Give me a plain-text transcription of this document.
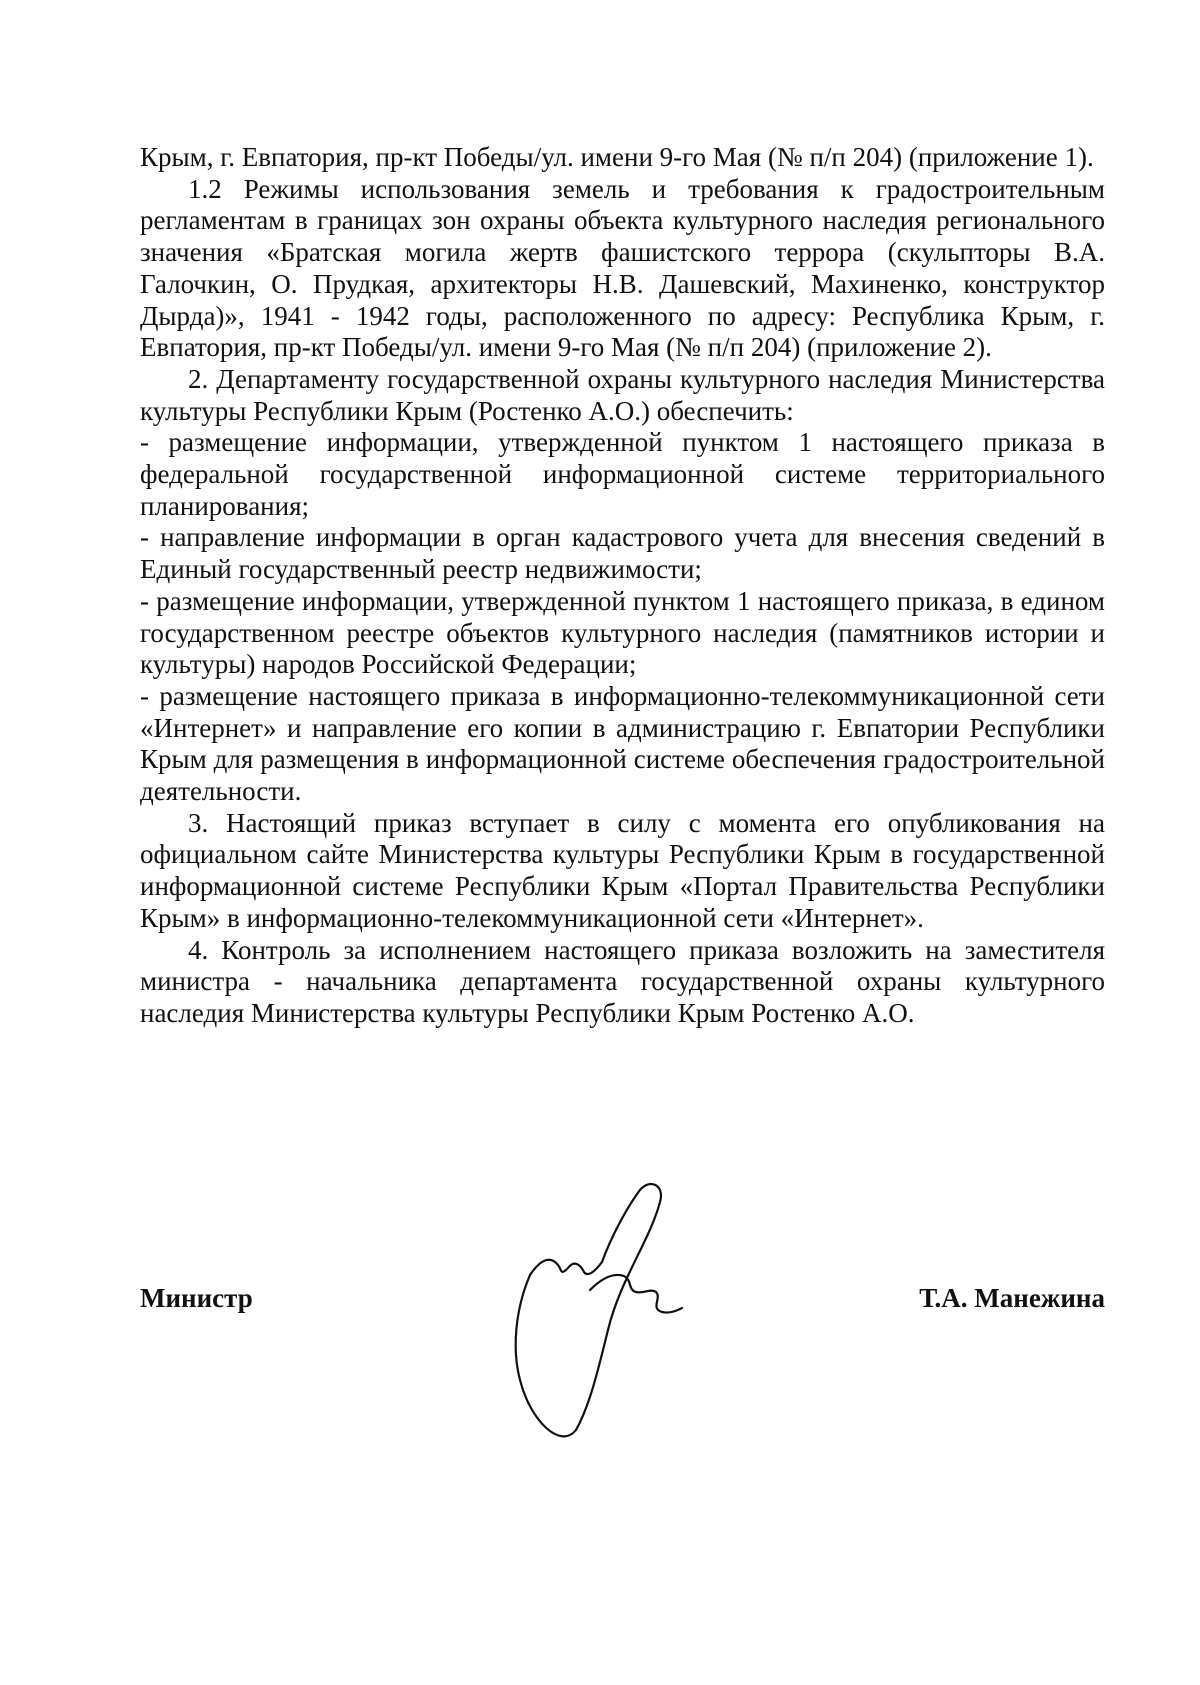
Крым, г. Евпатория, пр-кт Победы/ул. имени 9-го Мая (№ п/п 204) (приложение 1).

1.2 Режимы использования земель и требования к градостроительным регламентам в границах зон охраны объекта культурного наследия регионального значения «Братская могила жертв фашистского террора (скульпторы В.А. Галочкин, О. Прудкая, архитекторы Н.В. Дашевский, Махиненко, конструктор Дырда)», 1941 - 1942 годы, расположенного по адресу: Республика Крым, г. Евпатория, пр-кт Победы/ул. имени 9-го Мая (№ п/п 204) (приложение 2).

2. Департаменту государственной охраны культурного наследия Министерства культуры Республики Крым (Ростенко А.О.) обеспечить:

- размещение информации, утвержденной пунктом 1 настоящего приказа в федеральной государственной информационной системе территориального планирования;

- направление информации в орган кадастрового учета для внесения сведений в Единый государственный реестр недвижимости;

- размещение информации, утвержденной пунктом 1 настоящего приказа, в едином государственном реестре объектов культурного наследия (памятников истории и культуры) народов Российской Федерации;

- размещение настоящего приказа в информационно-телекоммуникационной сети «Интернет» и направление его копии в администрацию г. Евпатории Республики Крым для размещения в информационной системе обеспечения градостроительной деятельности.

3. Настоящий приказ вступает в силу с момента его опубликования на официальном сайте Министерства культуры Республики Крым в государственной информационной системе Республики Крым «Портал Правительства Республики Крым» в информационно-телекоммуникационной сети «Интернет».

4. Контроль за исполнением настоящего приказа возложить на заместителя министра - начальника департамента государственной охраны культурного наследия Министерства культуры Республики Крым Ростенко А.О.

Министр	Т.А. Манежина
